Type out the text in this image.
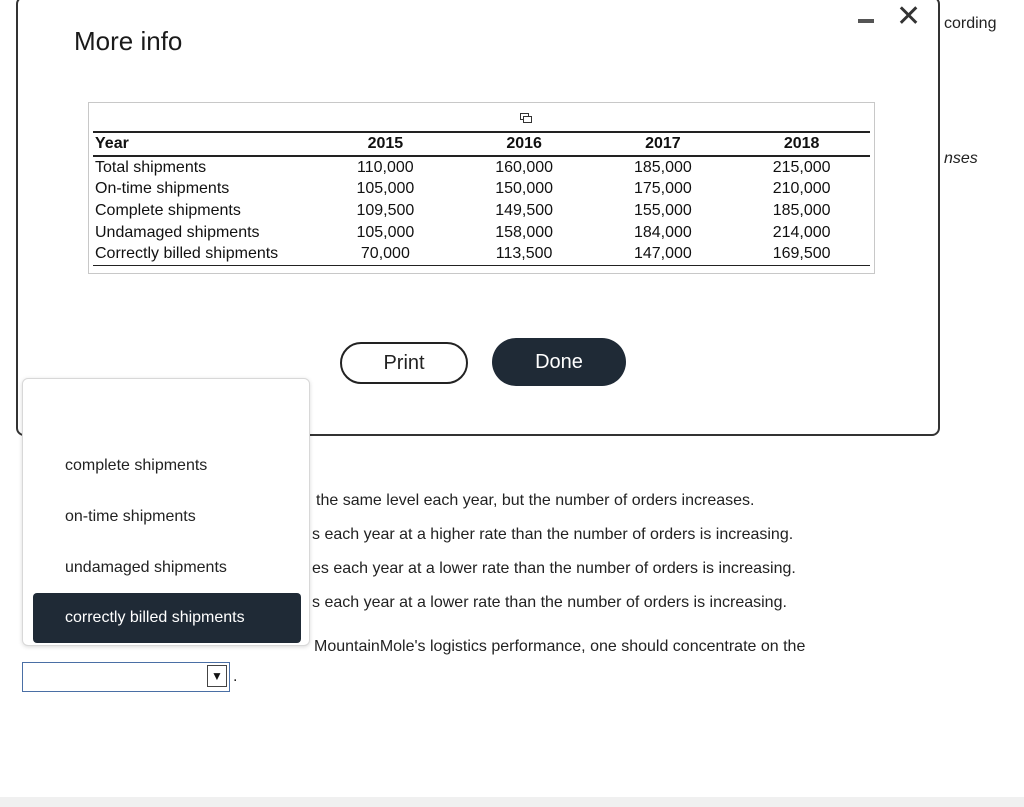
cording
nses
the same level each year, but the number of orders increases.
s each year at a higher rate than the number of orders is increasing.
es each year at a lower rate than the number of orders is increasing.
s each year at a lower rate than the number of orders is increasing.
MountainMole's logistics performance, one should concentrate on the
▼ .
More info
✕
Year	2015	2016	2017	2018
Total shipments	110,000	160,000	185,000	215,000
On-time shipments	105,000	150,000	175,000	210,000
Complete shipments	109,500	149,500	155,000	185,000
Undamaged shipments	105,000	158,000	184,000	214,000
Correctly billed shipments	70,000	113,500	147,000	169,500
Print	Done
complete shipments
on-time shipments
undamaged shipments
correctly billed shipments
